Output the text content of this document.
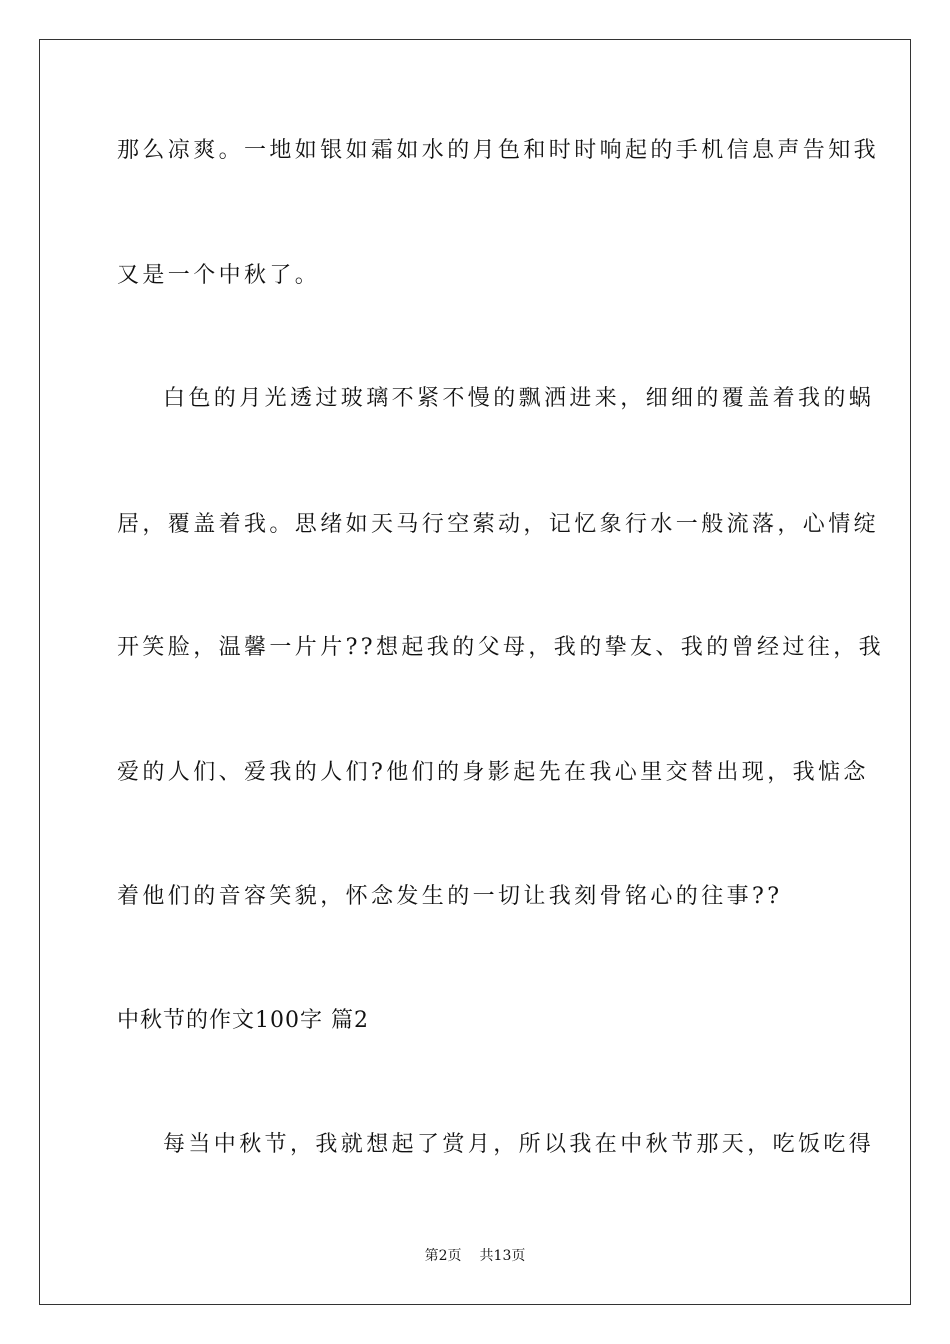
那么凉爽。一地如银如霜如水的月色和时时响起的手机信息声告知我
又是一个中秋了。
白色的月光透过玻璃不紧不慢的飘洒进来，细细的覆盖着我的蜗
居，覆盖着我。思绪如天马行空萦动，记忆象行水一般流落，心情绽
开笑脸，温馨一片片??想起我的父母，我的挚友、我的曾经过往，我
爱的人们、爱我的人们?他们的身影起先在我心里交替出现，我惦念
着他们的音容笑貌，怀念发生的一切让我刻骨铭心的往事??
中秋节的作文100字 篇2
每当中秋节，我就想起了赏月，所以我在中秋节那天，吃饭吃得
第2页 共13页
